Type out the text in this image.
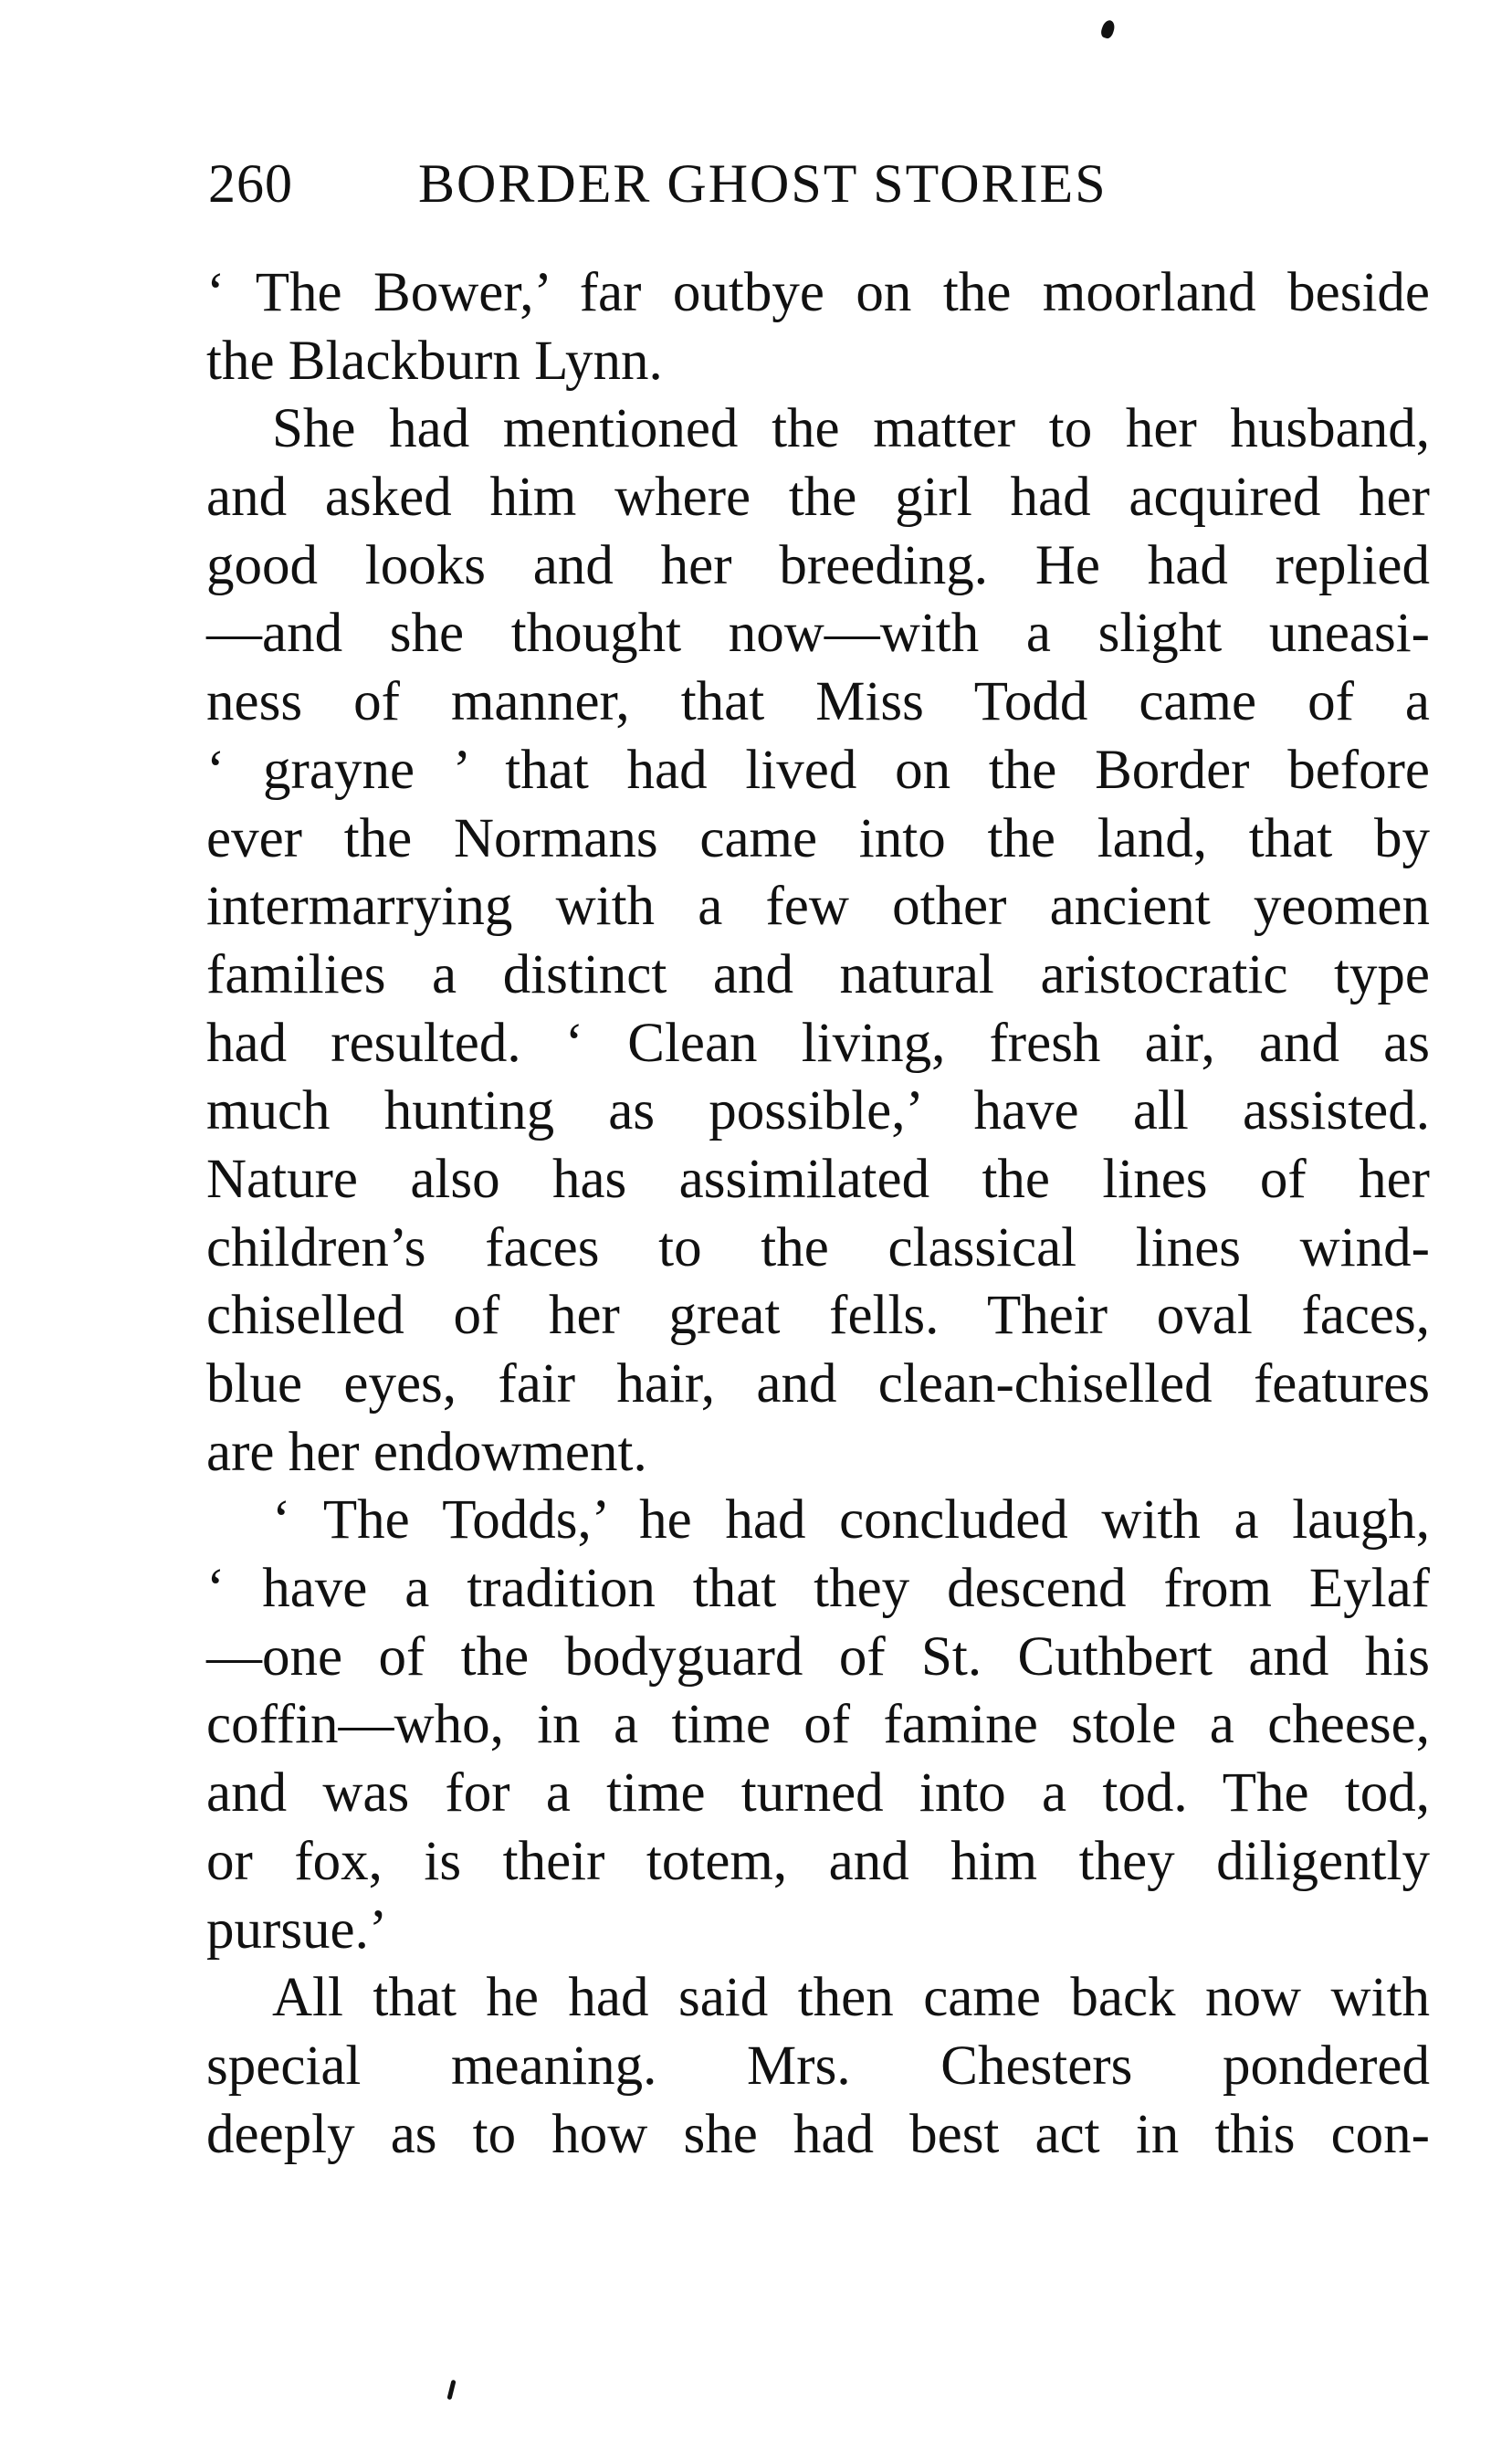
260 BORDER GHOST STORIES
‘ The Bower,’ far outbye on the moorland beside
the Blackburn Lynn.
She had mentioned the matter to her husband,
and asked him where the girl had acquired her
good looks and her breeding. He had replied
—and she thought now—with a slight uneasi-
ness of manner, that Miss Todd came of a
‘ grayne ’ that had lived on the Border before
ever the Normans came into the land, that by
intermarrying with a few other ancient yeomen
families a distinct and natural aristocratic type
had resulted. ‘ Clean living, fresh air, and as
much hunting as possible,’ have all assisted.
Nature also has assimilated the lines of her
children’s faces to the classical lines wind-
chiselled of her great fells. Their oval faces,
blue eyes, fair hair, and clean-chiselled features
are her endowment.
‘ The Todds,’ he had concluded with a laugh,
‘ have a tradition that they descend from Eylaf
—one of the bodyguard of St. Cuthbert and his
coffin—who, in a time of famine stole a cheese,
and was for a time turned into a tod. The tod,
or fox, is their totem, and him they diligently
pursue.’
All that he had said then came back now with
special meaning. Mrs. Chesters pondered
deeply as to how she had best act in this con-
